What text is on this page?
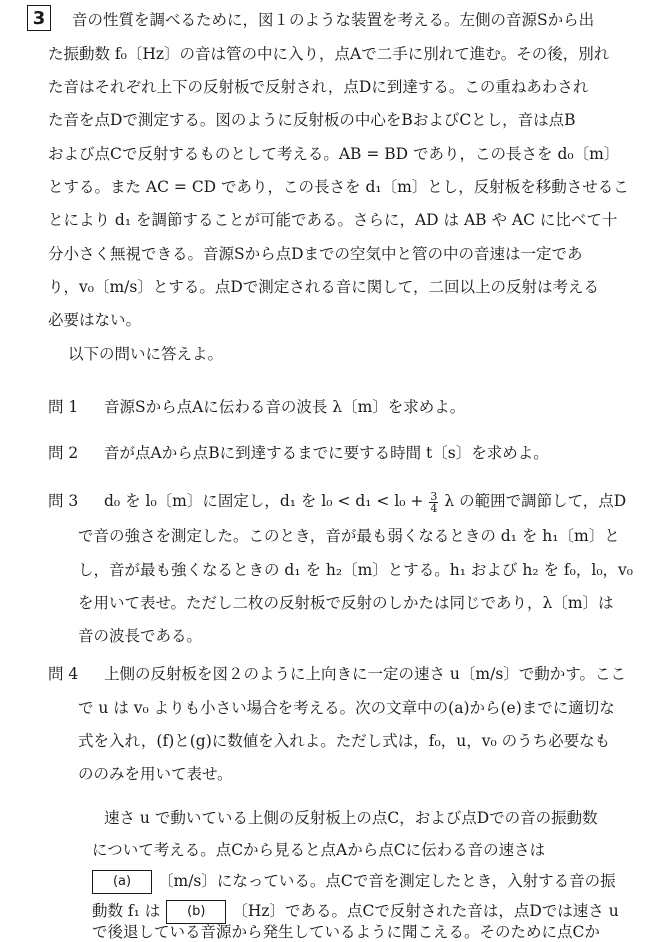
3 音の性質を調べるために，図１のような装置を考える。左側の音源Sから出
た振動数 f₀〔Hz〕の音は管の中に入り，点Aで二手に別れて進む。その後，別れ
た音はそれぞれ上下の反射板で反射され，点Dに到達する。この重ねあわされ
た音を点Dで測定する。図のように反射板の中心をBおよびCとし，音は点B
および点Cで反射するものとして考える。AB = BD であり，この長さを d₀〔m〕
とする。また AC = CD であり，この長さを d₁〔m〕とし，反射板を移動させるこ
とにより d₁ を調節することが可能である。さらに，AD は AB や AC に比べて十
分小さく無視できる。音源Sから点Dまでの空気中と管の中の音速は一定であ
り，v₀〔m/s〕とする。点Dで測定される音に関して，二回以上の反射は考える
必要はない。
以下の問いに答えよ。
問 1 音源Sから点Aに伝わる音の波長 λ〔m〕を求めよ。
問 2 音が点Aから点Bに到達するまでに要する時間 t〔s〕を求めよ。
問 3 d₀ を l₀〔m〕に固定し，d₁ を $l_0 < d_1 < l_0 + \frac{3}{4}$ λ の範囲で調節して，点D
で音の強さを測定した。このとき，音が最も弱くなるときの d₁ を h₁〔m〕と
し，音が最も強くなるときの d₁ を h₂〔m〕とする。h₁ および h₂ を f₀，l₀，v₀
を用いて表せ。ただし二枚の反射板で反射のしかたは同じであり，λ〔m〕は
音の波長である。
問 4 上側の反射板を図２のように上向きに一定の速さ u〔m/s〕で動かす。ここ
で u は v₀ よりも小さい場合を考える。次の文章中の(a)から(e)までに適切な
式を入れ，(f)と(g)に数値を入れよ。ただし式は，f₀，u，v₀ のうち必要なも
ののみを用いて表せ。
速さ u で動いている上側の反射板上の点C，および点Dでの音の振動数
について考える。点Cから見ると点Aから点Cに伝わる音の速さは
(a) 〔m/s〕になっている。点Cで音を測定したとき，入射する音の振
動数 f₁ は (b) 〔Hz〕である。点Cで反射された音は，点Dでは速さ u
で後退している音源から発生しているように聞こえる。そのために点Cか
